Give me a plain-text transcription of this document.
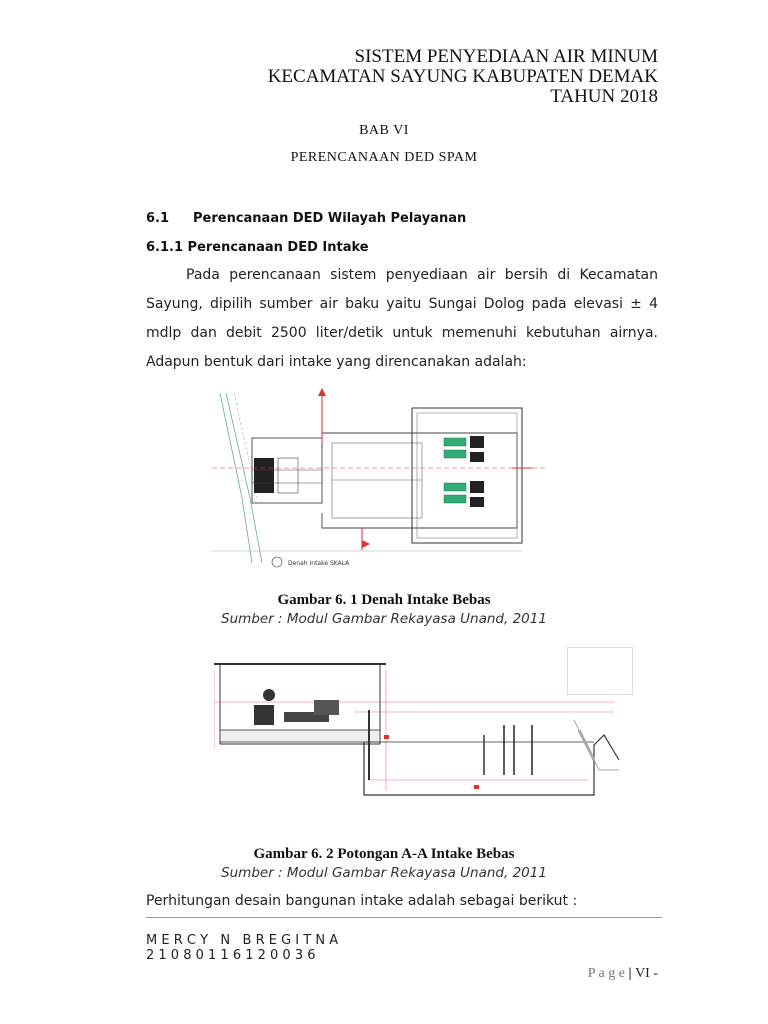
SISTEM PENYEDIAAN AIR MINUM
KECAMATAN SAYUNG KABUPATEN DEMAK
TAHUN 2018
BAB VI
PERENCANAAN DED SPAM
6.1 Perencanaan DED Wilayah Pelayanan
6.1.1 Perencanaan DED Intake
Pada perencanaan sistem penyediaan air bersih di Kecamatan Sayung, dipilih sumber air baku yaitu Sungai Dolog pada elevasi ± 4 mdlp dan debit 2500 liter/detik untuk memenuhi kebutuhan airnya. Adapun bentuk dari intake yang direncanakan adalah:
Denah Intake SKALA
Gambar 6. 1 Denah Intake Bebas
Sumber : Modul Gambar Rekayasa Unand, 2011
Gambar 6. 2 Potongan A-A Intake Bebas
Sumber : Modul Gambar Rekayasa Unand, 2011
Perhitungan desain bangunan intake adalah sebagai berikut :
M E R C Y   N   B R E G I T N A
2 1 0 8 0 1 1 6 1 2 0 0 3 6
P a g e | VI -
